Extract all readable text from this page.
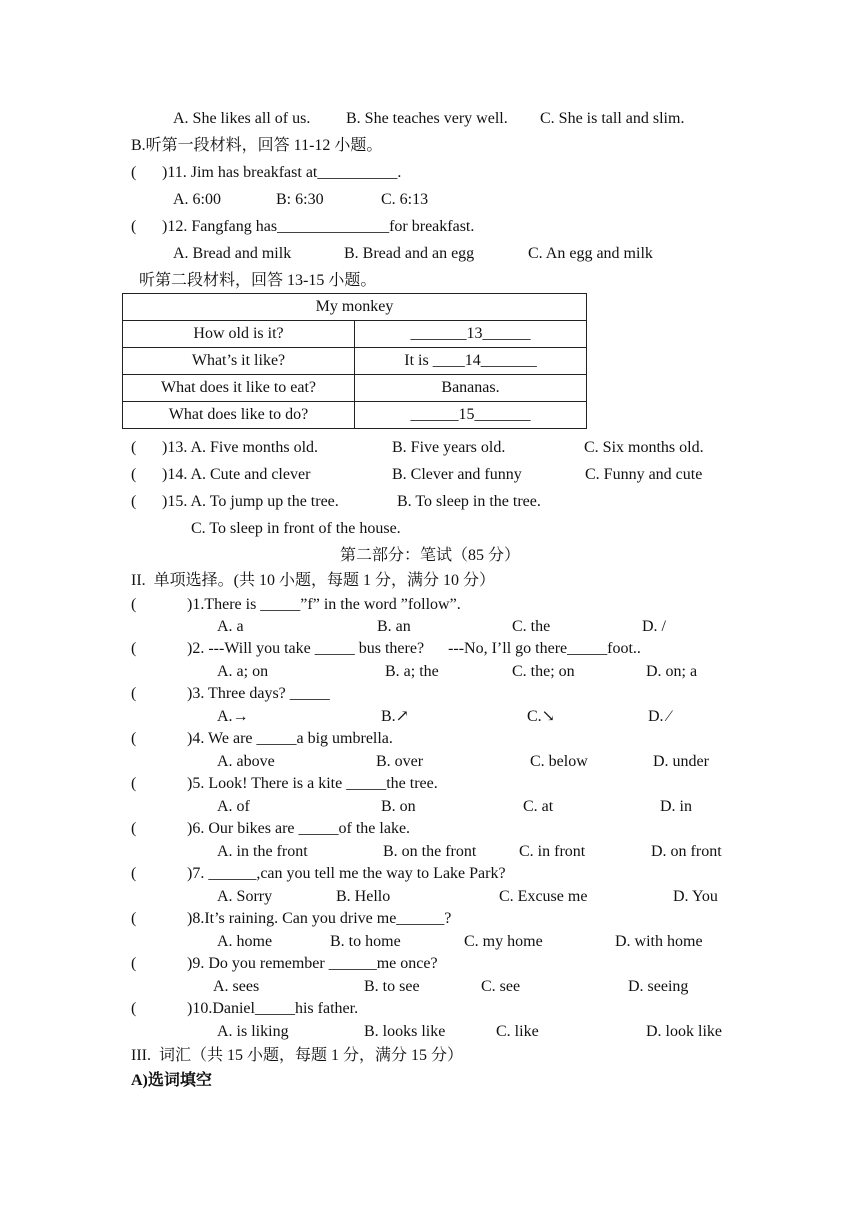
A. She likes all of us. B. She teaches very well. C. She is tall and slim.
B.听第一段材料，回答 11-12 小题。
( )11. Jim has breakfast at__________.
A. 6:00	B: 6:30	C. 6:13
( )12. Fangfang has______________for breakfast.
A. Bread and milk	B. Bread and an egg	C. An egg and milk
听第二段材料，回答 13-15 小题。
My monkey	
How old is it?	_______13______
What’s it like?	It is ____14_______
What does it like to eat?	Bananas.
What does like to do?	______15_______
( )13. A. Five months old.	B. Five years old.	C. Six months old.
( )14. A. Cute and clever	B. Clever and funny	C. Funny and cute
( )15. A. To jump up the tree.	B. To sleep in the tree.
C. To sleep in front of the house.
第二部分：笔试（85 分）
II.  单项选择。(共 10 小题，每题 1 分，满分 10 分）
(	)1.There is _____”f” in the word ”follow”.
A. a	B. an	C. the	D. /
(	)2. ---Will you take _____ bus there?      ---No, I’ll go there_____foot..
A. a; on	B. a; the	C. the; on	D. on; a
(	)3. Three days? _____
A.→	B.↗	C.↘	D. ∕
(	)4. We are _____a big umbrella.
A. above	B. over	C. below	D. under
(	)5. Look! There is a kite _____the tree.
A. of	B. on	C. at	D. in
(	)6. Our bikes are _____of the lake.
A. in the front	B. on the front	C. in front	D. on front
(	)7. ______,can you tell me the way to Lake Park?
A. Sorry	B. Hello	C. Excuse me	D. You
(	)8.It’s raining. Can you drive me______?
A. home	B. to home	C. my home	D. with home
(	)9. Do you remember ______me once?
A. sees	B. to see	C. see	D. seeing
(	)10.Daniel_____his father.
A. is liking	B. looks like	C. like	D. look like
III.  词汇（共 15 小题，每题 1 分，满分 15 分）
A)选词填空
